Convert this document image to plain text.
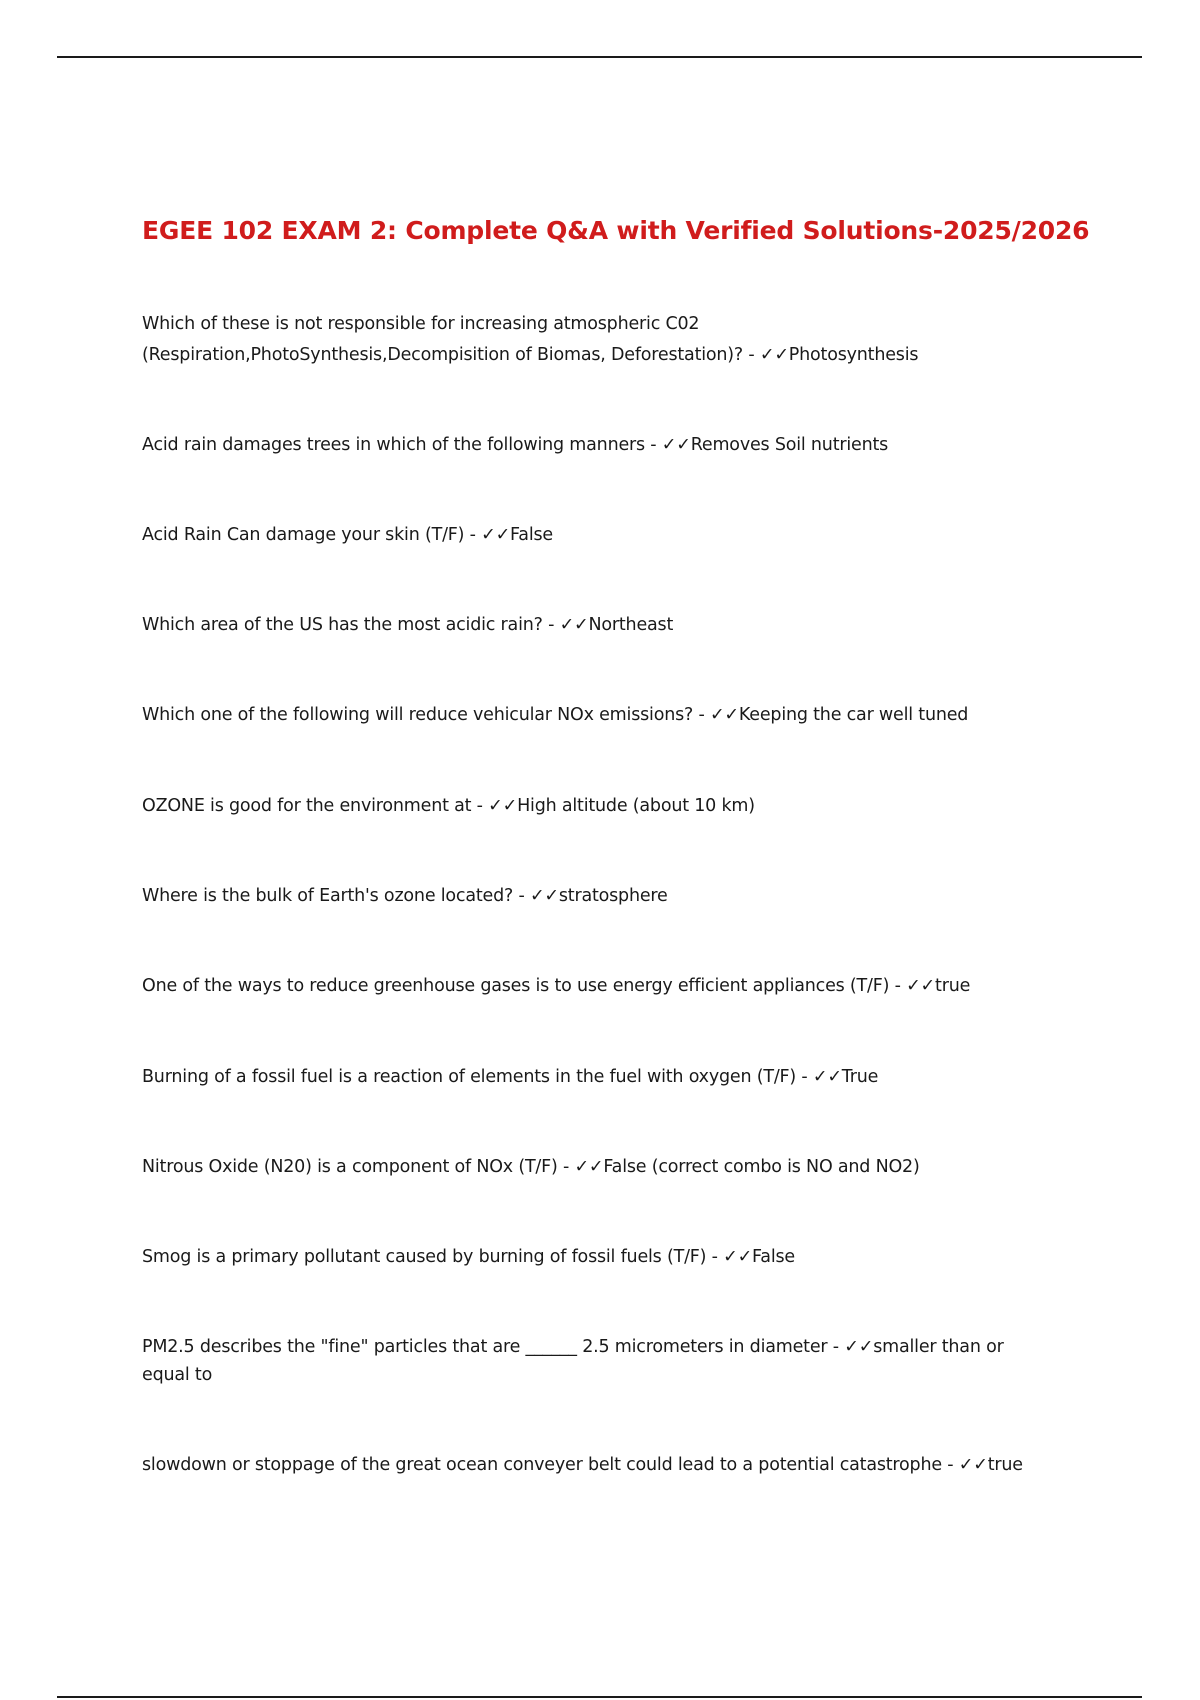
EGEE 102 EXAM 2: Complete Q&A with Verified Solutions-2025/2026

Which of these is not responsible for increasing atmospheric C02 (Respiration,PhotoSynthesis,Decompisition of Biomas, Deforestation)? - ✓✓Photosynthesis

Acid rain damages trees in which of the following manners - ✓✓Removes Soil nutrients

Acid Rain Can damage your skin (T/F) - ✓✓False

Which area of the US has the most acidic rain? - ✓✓Northeast

Which one of the following will reduce vehicular NOx emissions? - ✓✓Keeping the car well tuned

OZONE is good for the environment at - ✓✓High altitude (about 10 km)

Where is the bulk of Earth's ozone located? - ✓✓stratosphere

One of the ways to reduce greenhouse gases is to use energy efficient appliances (T/F) - ✓✓true

Burning of a fossil fuel is a reaction of elements in the fuel with oxygen (T/F) - ✓✓True

Nitrous Oxide (N20) is a component of NOx (T/F) - ✓✓False (correct combo is NO and NO2)

Smog is a primary pollutant caused by burning of fossil fuels (T/F) - ✓✓False

PM2.5 describes the "fine" particles that are ______ 2.5 micrometers in diameter - ✓✓smaller than or equal to

slowdown or stoppage of the great ocean conveyer belt could lead to a potential catastrophe - ✓✓true
